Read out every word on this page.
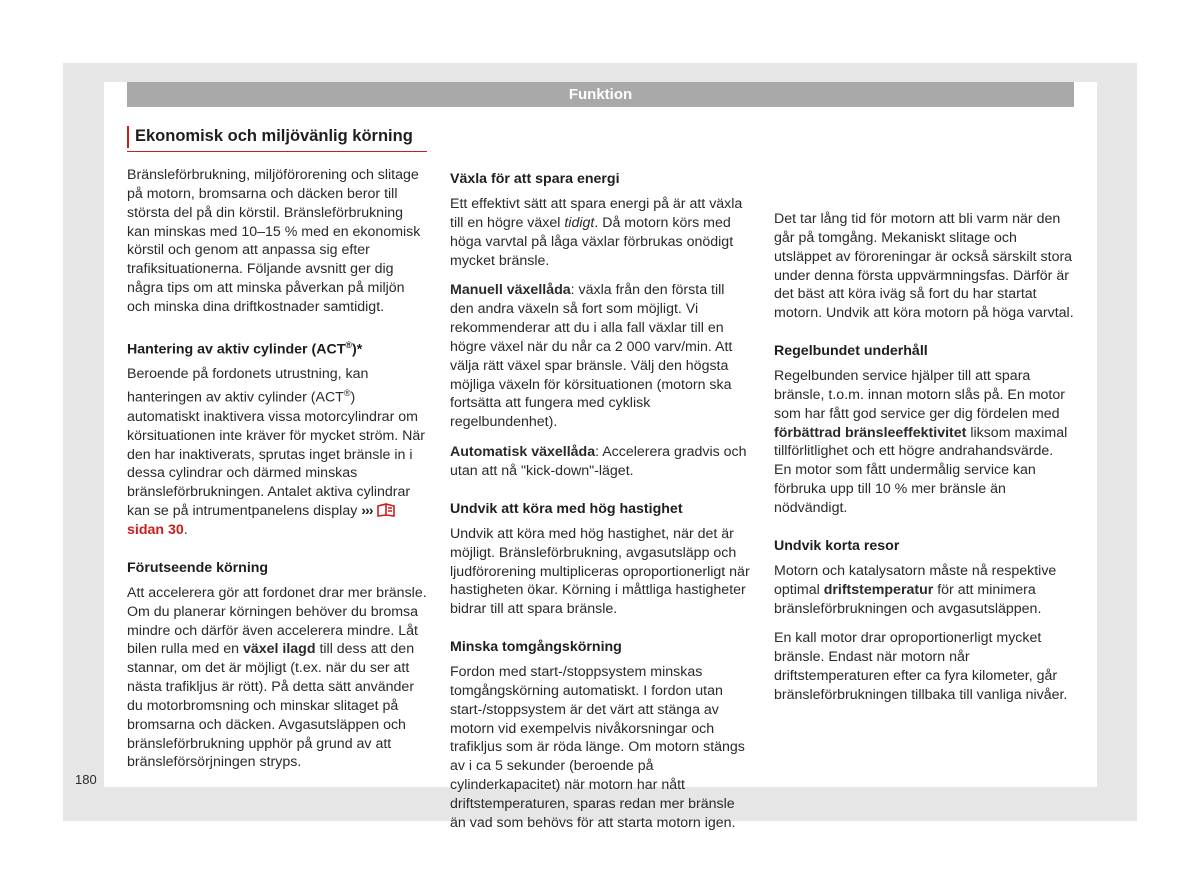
Funktion
Ekonomisk och miljövänlig körning

Bränsleförbrukning, miljöförorening och slitage på motorn, bromsarna och däcken beror till största del på din körstil. Bränsleförbrukning kan minskas med 10–15 % med en ekonomisk körstil och genom att anpassa sig efter trafiksituationerna. Följande avsnitt ger dig några tips om att minska påverkan på miljön och minska dina driftkostnader samtidigt.

Hantering av aktiv cylinder (ACT®)*

Beroende på fordonets utrustning, kan hanteringen av aktiv cylinder (ACT®) automatiskt inaktivera vissa motorcylindrar om körsituationen inte kräver för mycket ström. När den har inaktiverats, sprutas inget bränsle in i dessa cylindrar och därmed minskas bränsleförbrukningen. Antalet aktiva cylindrar kan se på intrumentpanelens display ›››sidan 30.

Förutseende körning

Att accelerera gör att fordonet drar mer bränsle. Om du planerar körningen behöver du bromsa mindre och därför även accelerera mindre. Låt bilen rulla med en växel ilagd till dess att den stannar, om det är möjligt (t.ex. när du ser att nästa trafikljus är rött). På detta sätt använder du motorbromsning och minskar slitaget på bromsarna och däcken. Avgasutsläppen och bränsleförbrukning upphör på grund av att bränsleförsörjningen stryps.

Växla för att spara energi

Ett effektivt sätt att spara energi på är att växla till en högre växel tidigt. Då motorn körs med höga varvtal på låga växlar förbrukas onödigt mycket bränsle.

Manuell växellåda: växla från den första till den andra växeln så fort som möjligt. Vi rekommenderar att du i alla fall växlar till en högre växel när du når ca 2 000 varv/min. Att välja rätt växel spar bränsle. Välj den högsta möjliga växeln för körsituationen (motorn ska fortsätta att fungera med cyklisk regelbundenhet).

Automatisk växellåda: Accelerera gradvis och utan att nå "kick-down"-läget.

Undvik att köra med hög hastighet

Undvik att köra med hög hastighet, när det är möjligt. Bränsleförbrukning, avgasutsläpp och ljudförorening multipliceras oproportionerligt när hastigheten ökar. Körning i måttliga hastigheter bidrar till att spara bränsle.

Minska tomgångskörning

Fordon med start-/stoppsystem minskas tomgångskörning automatiskt. I fordon utan start-/stoppsystem är det värt att stänga av motorn vid exempelvis nivåkorsningar och trafikljus som är röda länge. Om motorn stängs av i ca 5 sekunder (beroende på cylinderkapacitet) när motorn har nått driftstemperaturen, sparas redan mer bränsle än vad som behövs för att starta motorn igen.

Det tar lång tid för motorn att bli varm när den går på tomgång. Mekaniskt slitage och utsläppet av föroreningar är också särskilt stora under denna första uppvärmningsfas. Därför är det bäst att köra iväg så fort du har startat motorn. Undvik att köra motorn på höga varvtal.

Regelbundet underhåll

Regelbunden service hjälper till att spara bränsle, t.o.m. innan motorn slås på. En motor som har fått god service ger dig fördelen med förbättrad bränsleeffektivitet liksom maximal tillförlitlighet och ett högre andrahandsvärde. En motor som fått undermålig service kan förbruka upp till 10 % mer bränsle än nödvändigt.

Undvik korta resor

Motorn och katalysatorn måste nå respektive optimal driftstemperatur för att minimera bränsleförbrukningen och avgasutsläppen.

En kall motor drar oproportionerligt mycket bränsle. Endast när motorn når driftstemperaturen efter ca fyra kilometer, går bränsleförbrukningen tillbaka till vanliga nivåer.

180
